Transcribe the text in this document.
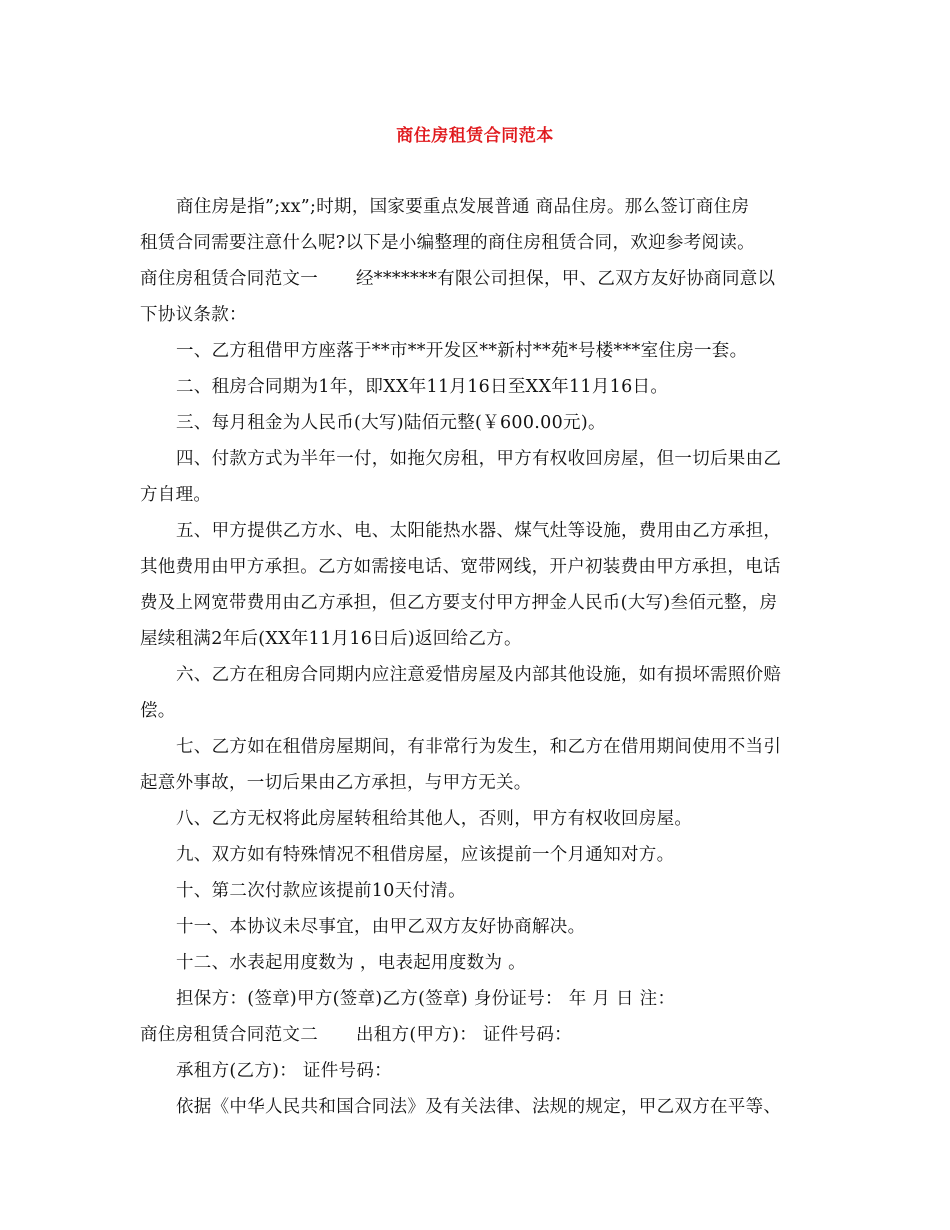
商住房租赁合同范本
商住房是指”;xx”;时期，国家要重点发展普通 商品住房。那么签订商住房
租赁合同需要注意什么呢?以下是小编整理的商住房租赁合同，欢迎参考阅读。
商住房租赁合同范文一 经*******有限公司担保，甲、乙双方友好协商同意以
下协议条款：
一、乙方租借甲方座落于**市**开发区**新村**苑*号楼***室住房一套。
二、租房合同期为1年，即XX年11月16日至XX年11月16日。
三、每月租金为人民币(大写)陆佰元整(￥600.00元)。
四、付款方式为半年一付，如拖欠房租，甲方有权收回房屋，但一切后果由乙
方自理。
五、甲方提供乙方水、电、太阳能热水器、煤气灶等设施，费用由乙方承担，
其他费用由甲方承担。乙方如需接电话、宽带网线，开户初装费由甲方承担，电话
费及上网宽带费用由乙方承担，但乙方要支付甲方押金人民币(大写)叁佰元整，房
屋续租满2年后(XX年11月16日后)返回给乙方。
六、乙方在租房合同期内应注意爱惜房屋及内部其他设施，如有损坏需照价赔
偿。
七、乙方如在租借房屋期间，有非常行为发生，和乙方在借用期间使用不当引
起意外事故，一切后果由乙方承担，与甲方无关。
八、乙方无权将此房屋转租给其他人，否则，甲方有权收回房屋。
九、双方如有特殊情况不租借房屋，应该提前一个月通知对方。
十、第二次付款应该提前10天付清。
十一、本协议未尽事宜，由甲乙双方友好协商解决。
十二、水表起用度数为 ，电表起用度数为 。
担保方：(签章)甲方(签章)乙方(签章) 身份证号： 年 月 日 注：
商住房租赁合同范文二 出租方(甲方)： 证件号码：
承租方(乙方)： 证件号码：
依据《中华人民共和国合同法》及有关法律、法规的规定，甲乙双方在平等、
